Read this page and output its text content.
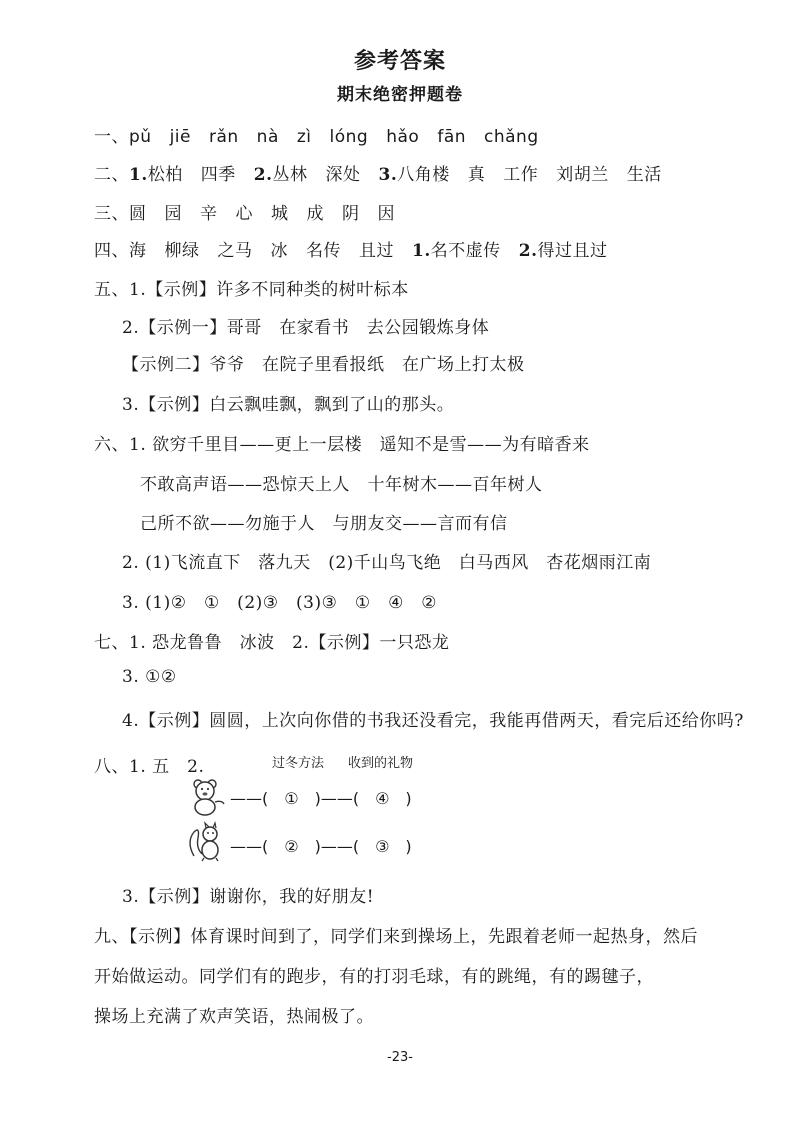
参考答案
期末绝密押题卷
一、pǔ jiē rǎn nà zì lóng hǎo fān chǎng
二、1.松柏 四季 2.丛林 深处 3.八角楼 真 工作 刘胡兰 生活
三、圆 园 辛 心 城 成 阴 因
四、海 柳绿 之马 冰 名传 且过 1.名不虚传 2.得过且过
五、1.【示例】许多不同种类的树叶标本
2.【示例一】哥哥　在家看书　去公园锻炼身体
【示例二】爷爷　在院子里看报纸　在广场上打太极
3.【示例】白云飘哇飘，飘到了山的那头。
六、1. 欲穷千里目——更上一层楼　遥知不是雪——为有暗香来
不敢高声语——恐惊天上人　十年树木——百年树人
己所不欲——勿施于人　与朋友交——言而有信
2. (1)飞流直下　落九天　(2)千山鸟飞绝　白马西风　杏花烟雨江南
3. (1)②　①　(2)③　(3)③　①　④　②
七、1. 恐龙鲁鲁　冰波　2.【示例】一只恐龙
3. ①②
4.【示例】圆圆，上次向你借的书我还没看完，我能再借两天，看完后还给你吗?
八、1. 五　2.	过冬方法 收到的礼物
——(　①　)——(　④　)
——(　②　)——(　③　)
3.【示例】谢谢你，我的好朋友!
九、【示例】体育课时间到了，同学们来到操场上，先跟着老师一起热身，然后
开始做运动。同学们有的跑步，有的打羽毛球，有的跳绳，有的踢毽子，
操场上充满了欢声笑语，热闹极了。
-23-
